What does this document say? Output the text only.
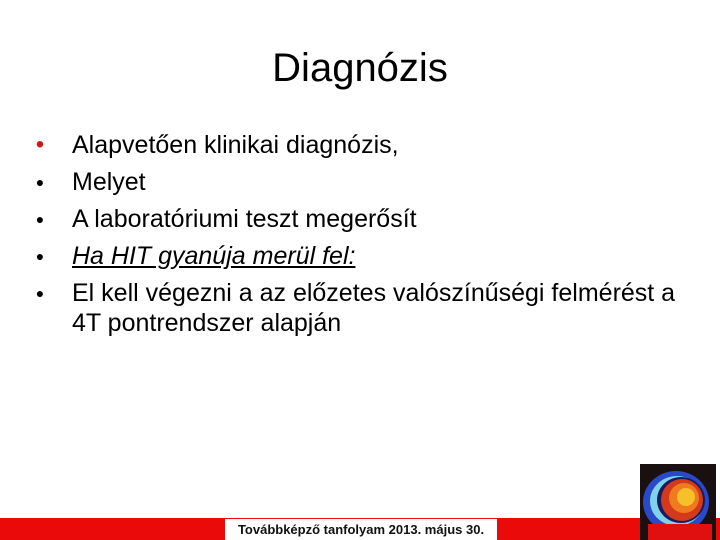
Diagnózis
• Alapvetően klinikai diagnózis,
● Melyet
● A laboratóriumi teszt megerősít
● Ha HIT gyanúja merül fel:
● El kell végezni a az előzetes valószínűségi felmérést a 4T pontrendszer alapján
Továbbképző tanfolyam 2013. május 30.
